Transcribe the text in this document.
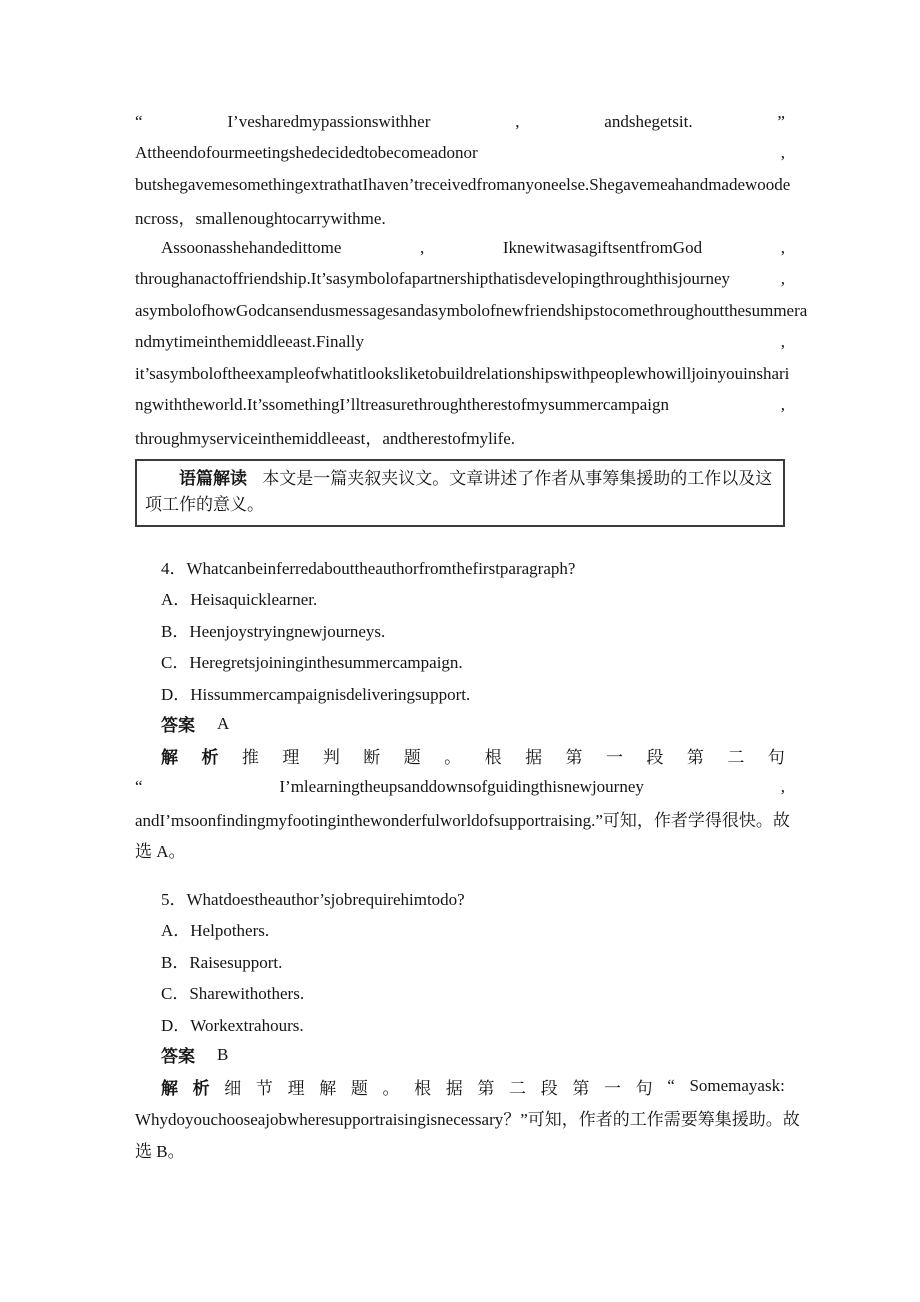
“	I’vesharedmypassionswithher	,	andshegetsit.	”
Attheendofourmeetingshedecidedtobecomeadonor	,
butshegavemesomethingextrathatIhaven’treceivedfromanyoneelse.Shegavemeahandmadewoode
ncross，smallenoughtocarrywithme.
Assoonasshehandedittome	,	IknewitwasagiftsentfromGod	,
throughanactoffriendship.It’sasymbolofapartnershipthatisdevelopingthroughthisjourney	,
asymbolofhowGodcansendusmessagesandasymbolofnewfriendshipstocomethroughoutthesummera
ndmytimeinthemiddleeast.Finally	,
it’sasymboloftheexampleofwhatitlooksliketobuildrelationshipswithpeoplewhowilljoinyouinshari
ngwiththeworld.It’ssomethingI’lltreasurethroughtherestofmysummercampaign	,
throughmyserviceinthemiddleeast，andtherestofmylife.

语篇解读 本文是一篇夹叙夹议文。文章讲述了作者从事筹集援助的工作以及这项工作的意义。

4．Whatcanbeinferredabouttheauthorfromthefirstparagraph?
A．Heisaquicklearner.
B．Heenjoystryingnewjourneys.
C．Heregretsjoininginthesummercampaign.
D．Hissummercampaignisdeliveringsupport.
答案 A
解 析 推 理 判 断 题 。 根 据 第 一 段 第 二 句
“	I’mlearningtheupsanddownsofguidingthisnewjourney	,
andI’msoonfindingmyfootinginthewonderfulworldofsupportraising.”可知，作者学得很快。故
选 A。
5．Whatdoestheauthor’sjobrequirehimtodo?
A．Helpothers.
B．Raisesupport.
C．Sharewithothers.
D．Workextrahours.
答案 B
解 析 细 节 理 解 题 。 根 据 第 二 段 第 一 句 “ Somemayask:
Whydoyouchooseajobwheresupportraisingisnecessary？”可知，作者的工作需要筹集援助。故
选 B。
